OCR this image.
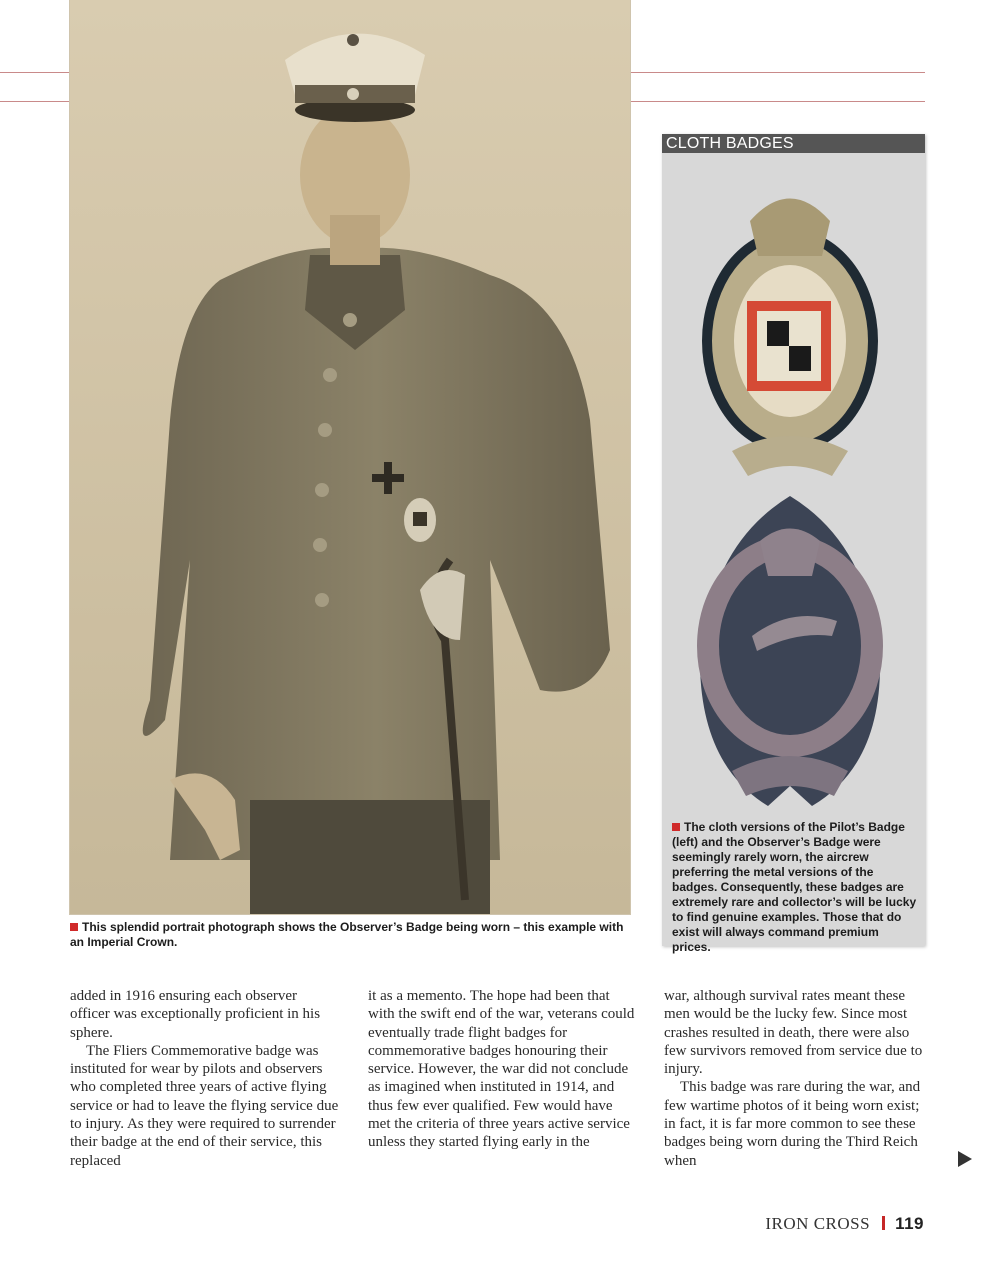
This splendid portrait photograph shows the Observer’s Badge being worn – this example with an Imperial Crown.
CLOTH BADGES
The cloth versions of the Pilot’s Badge (left) and the Observer’s Badge were seemingly rarely worn, the aircrew preferring the metal versions of the badges. Consequently, these badges are extremely rare and collector’s will be lucky to find genuine examples. Those that do exist will always command premium prices.

added in 1916 ensuring each observer officer was exceptionally proficient in his sphere.

The Fliers Commemorative badge was instituted for wear by pilots and observers who completed three years of active flying service or had to leave the flying service due to injury. As they were required to surrender their badge at the end of their service, this replaced

it as a memento. The hope had been that with the swift end of the war, veterans could eventually trade flight badges for commemorative badges honouring their service. However, the war did not conclude as imagined when instituted in 1914, and thus few ever qualified. Few would have met the criteria of three years active service unless they started flying early in the

war, although survival rates meant these men would be the lucky few. Since most crashes resulted in death, there were also few survivors removed from service due to injury.

This badge was rare during the war, and few wartime photos of it being worn exist; in fact, it is far more common to see these badges being worn during the Third Reich when

IRON CROSS 119
